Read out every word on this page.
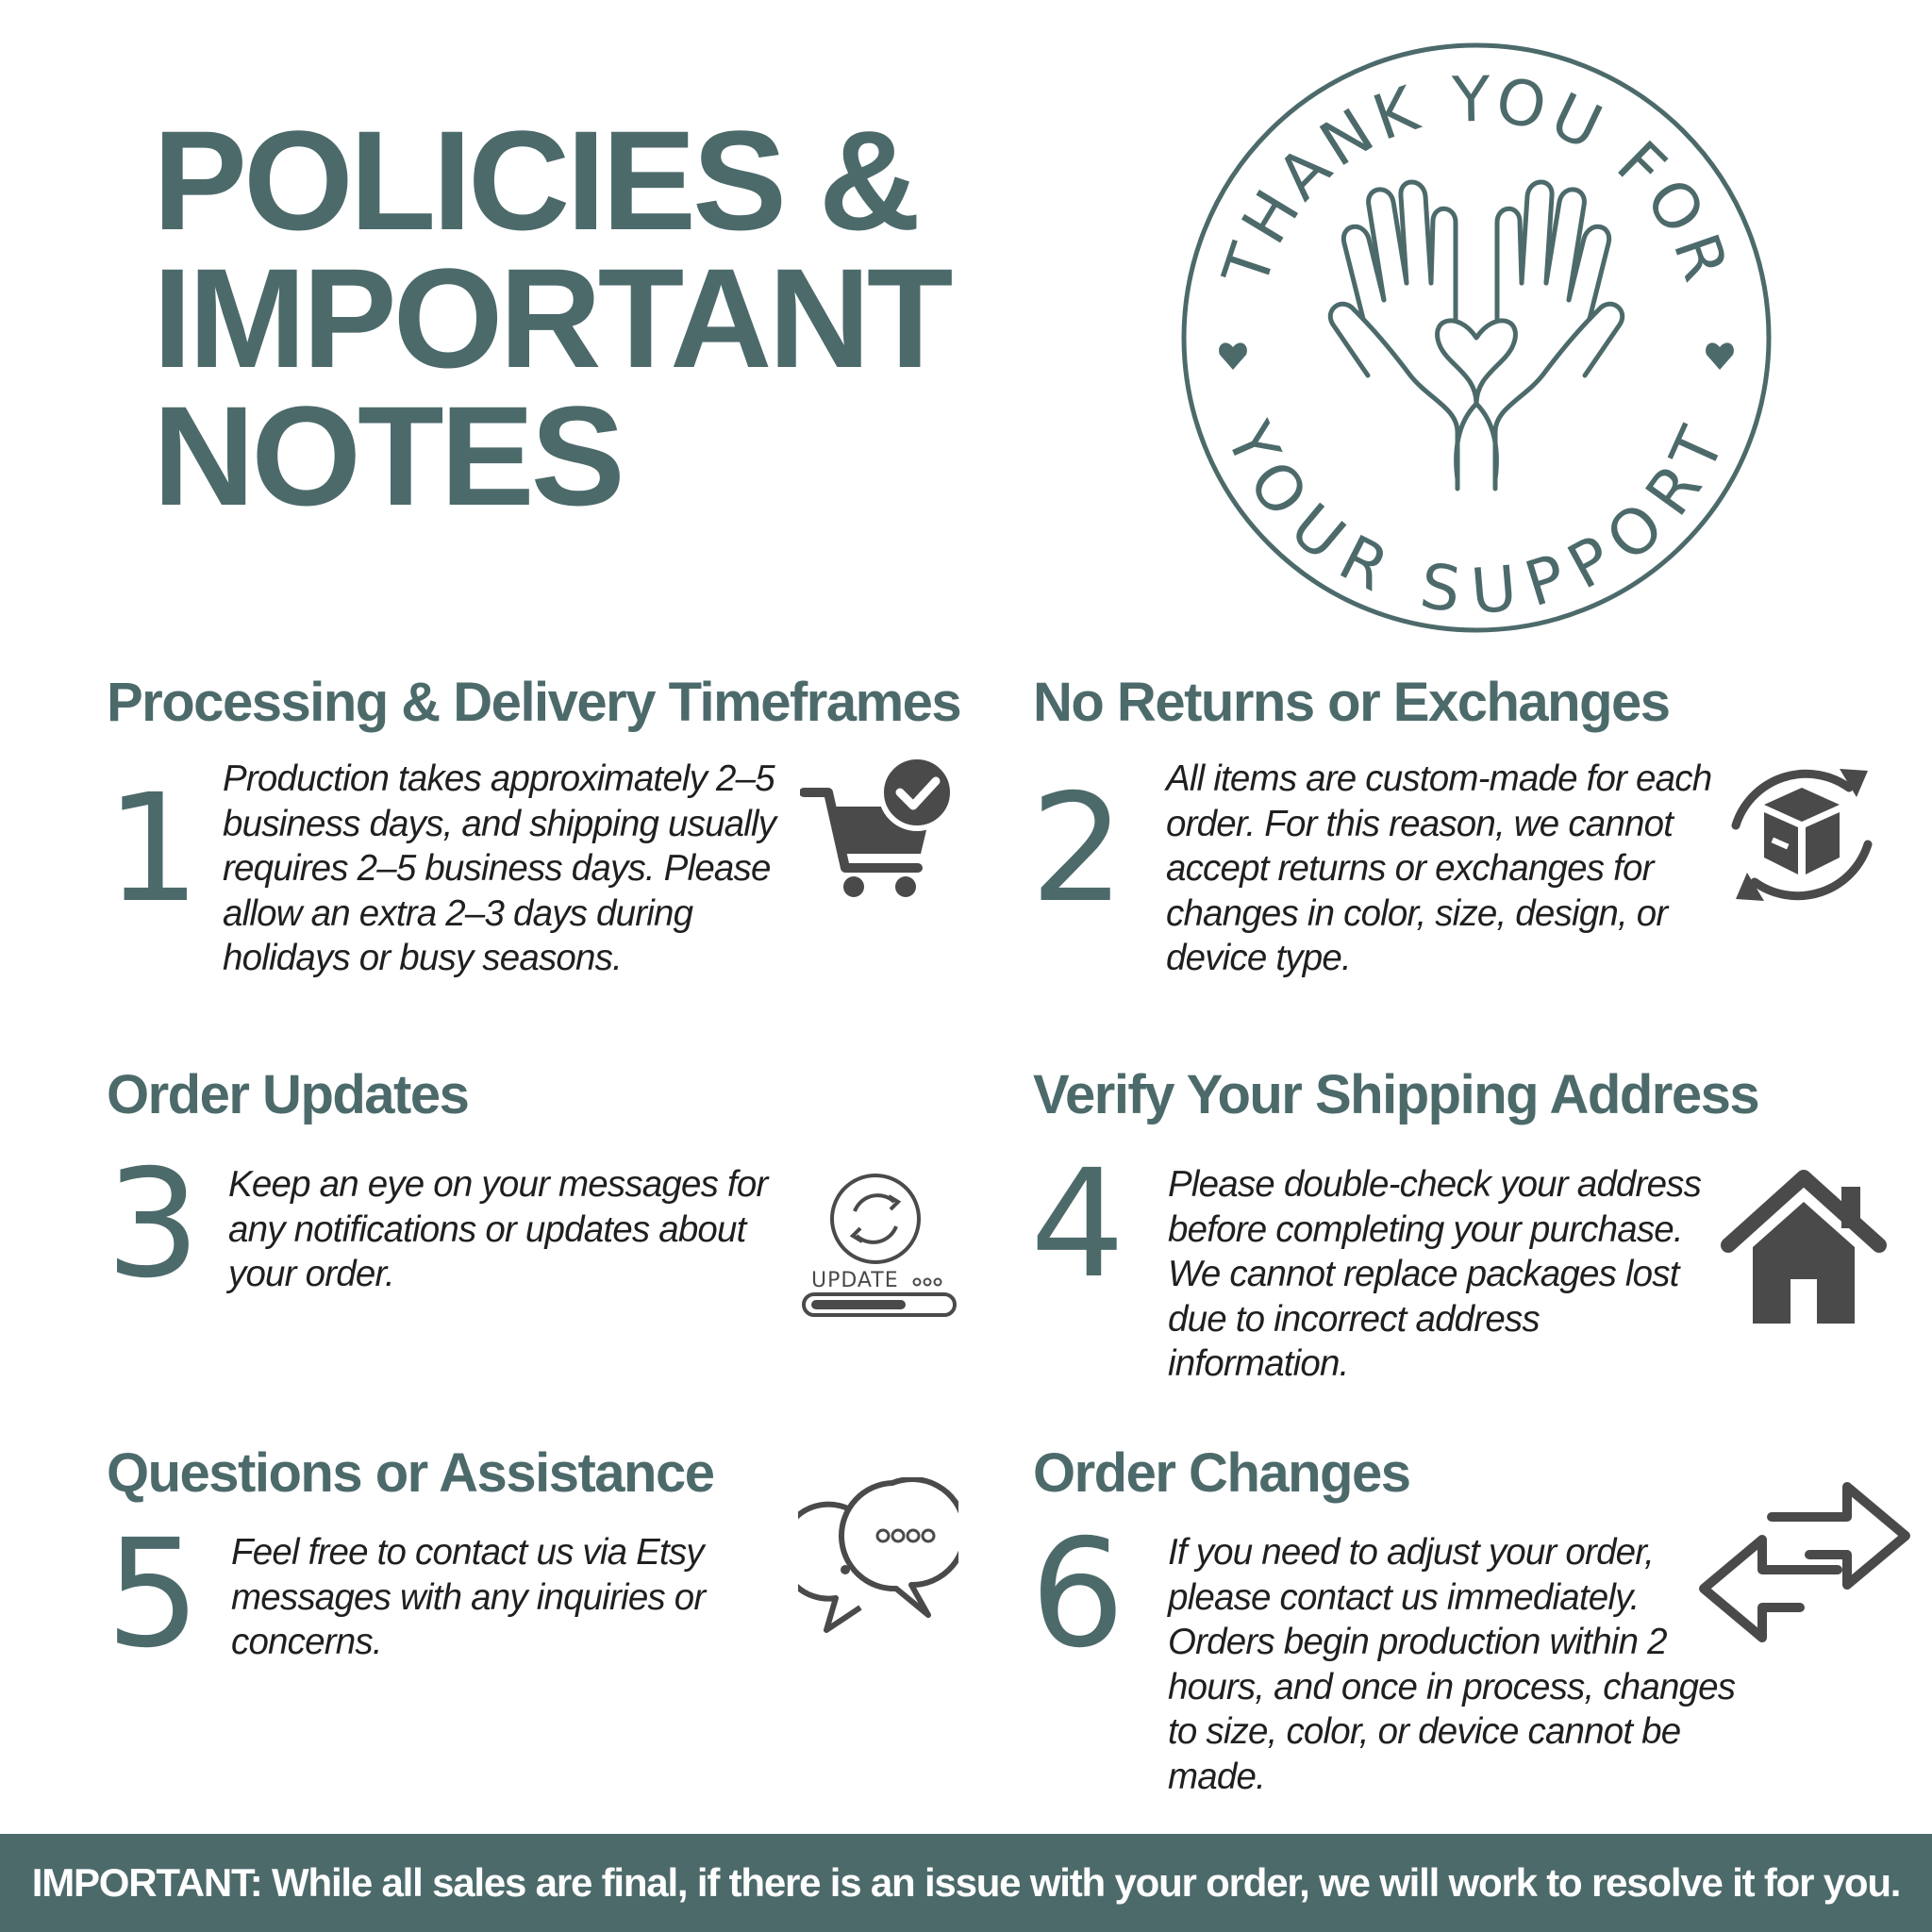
POLICIES &
IMPORTANT
NOTES
THANK YOU FOR
YOUR SUPPORT
Processing & Delivery Timeframes
1 Production takes approximately 2–5
business days, and shipping usually
requires 2–5 business days. Please
allow an extra 2–3 days during
holidays or busy seasons.
No Returns or Exchanges
2 All items are custom-made for each
order. For this reason, we cannot
accept returns or exchanges for
changes in color, size, design, or
device type.
Order Updates
3 Keep an eye on your messages for
any notifications or updates about
your order.	UPDATE
Verify Your Shipping Address
4 Please double-check your address
before completing your purchase.
We cannot replace packages lost
due to incorrect address
information.
Questions or Assistance
5 Feel free to contact us via Etsy
messages with any inquiries or
concerns.
Order Changes
6 If you need to adjust your order,
please contact us immediately.
Orders begin production within 2
hours, and once in process, changes
to size, color, or device cannot be
made.
IMPORTANT: While all sales are final, if there is an issue with your order, we will work to resolve it for you.
